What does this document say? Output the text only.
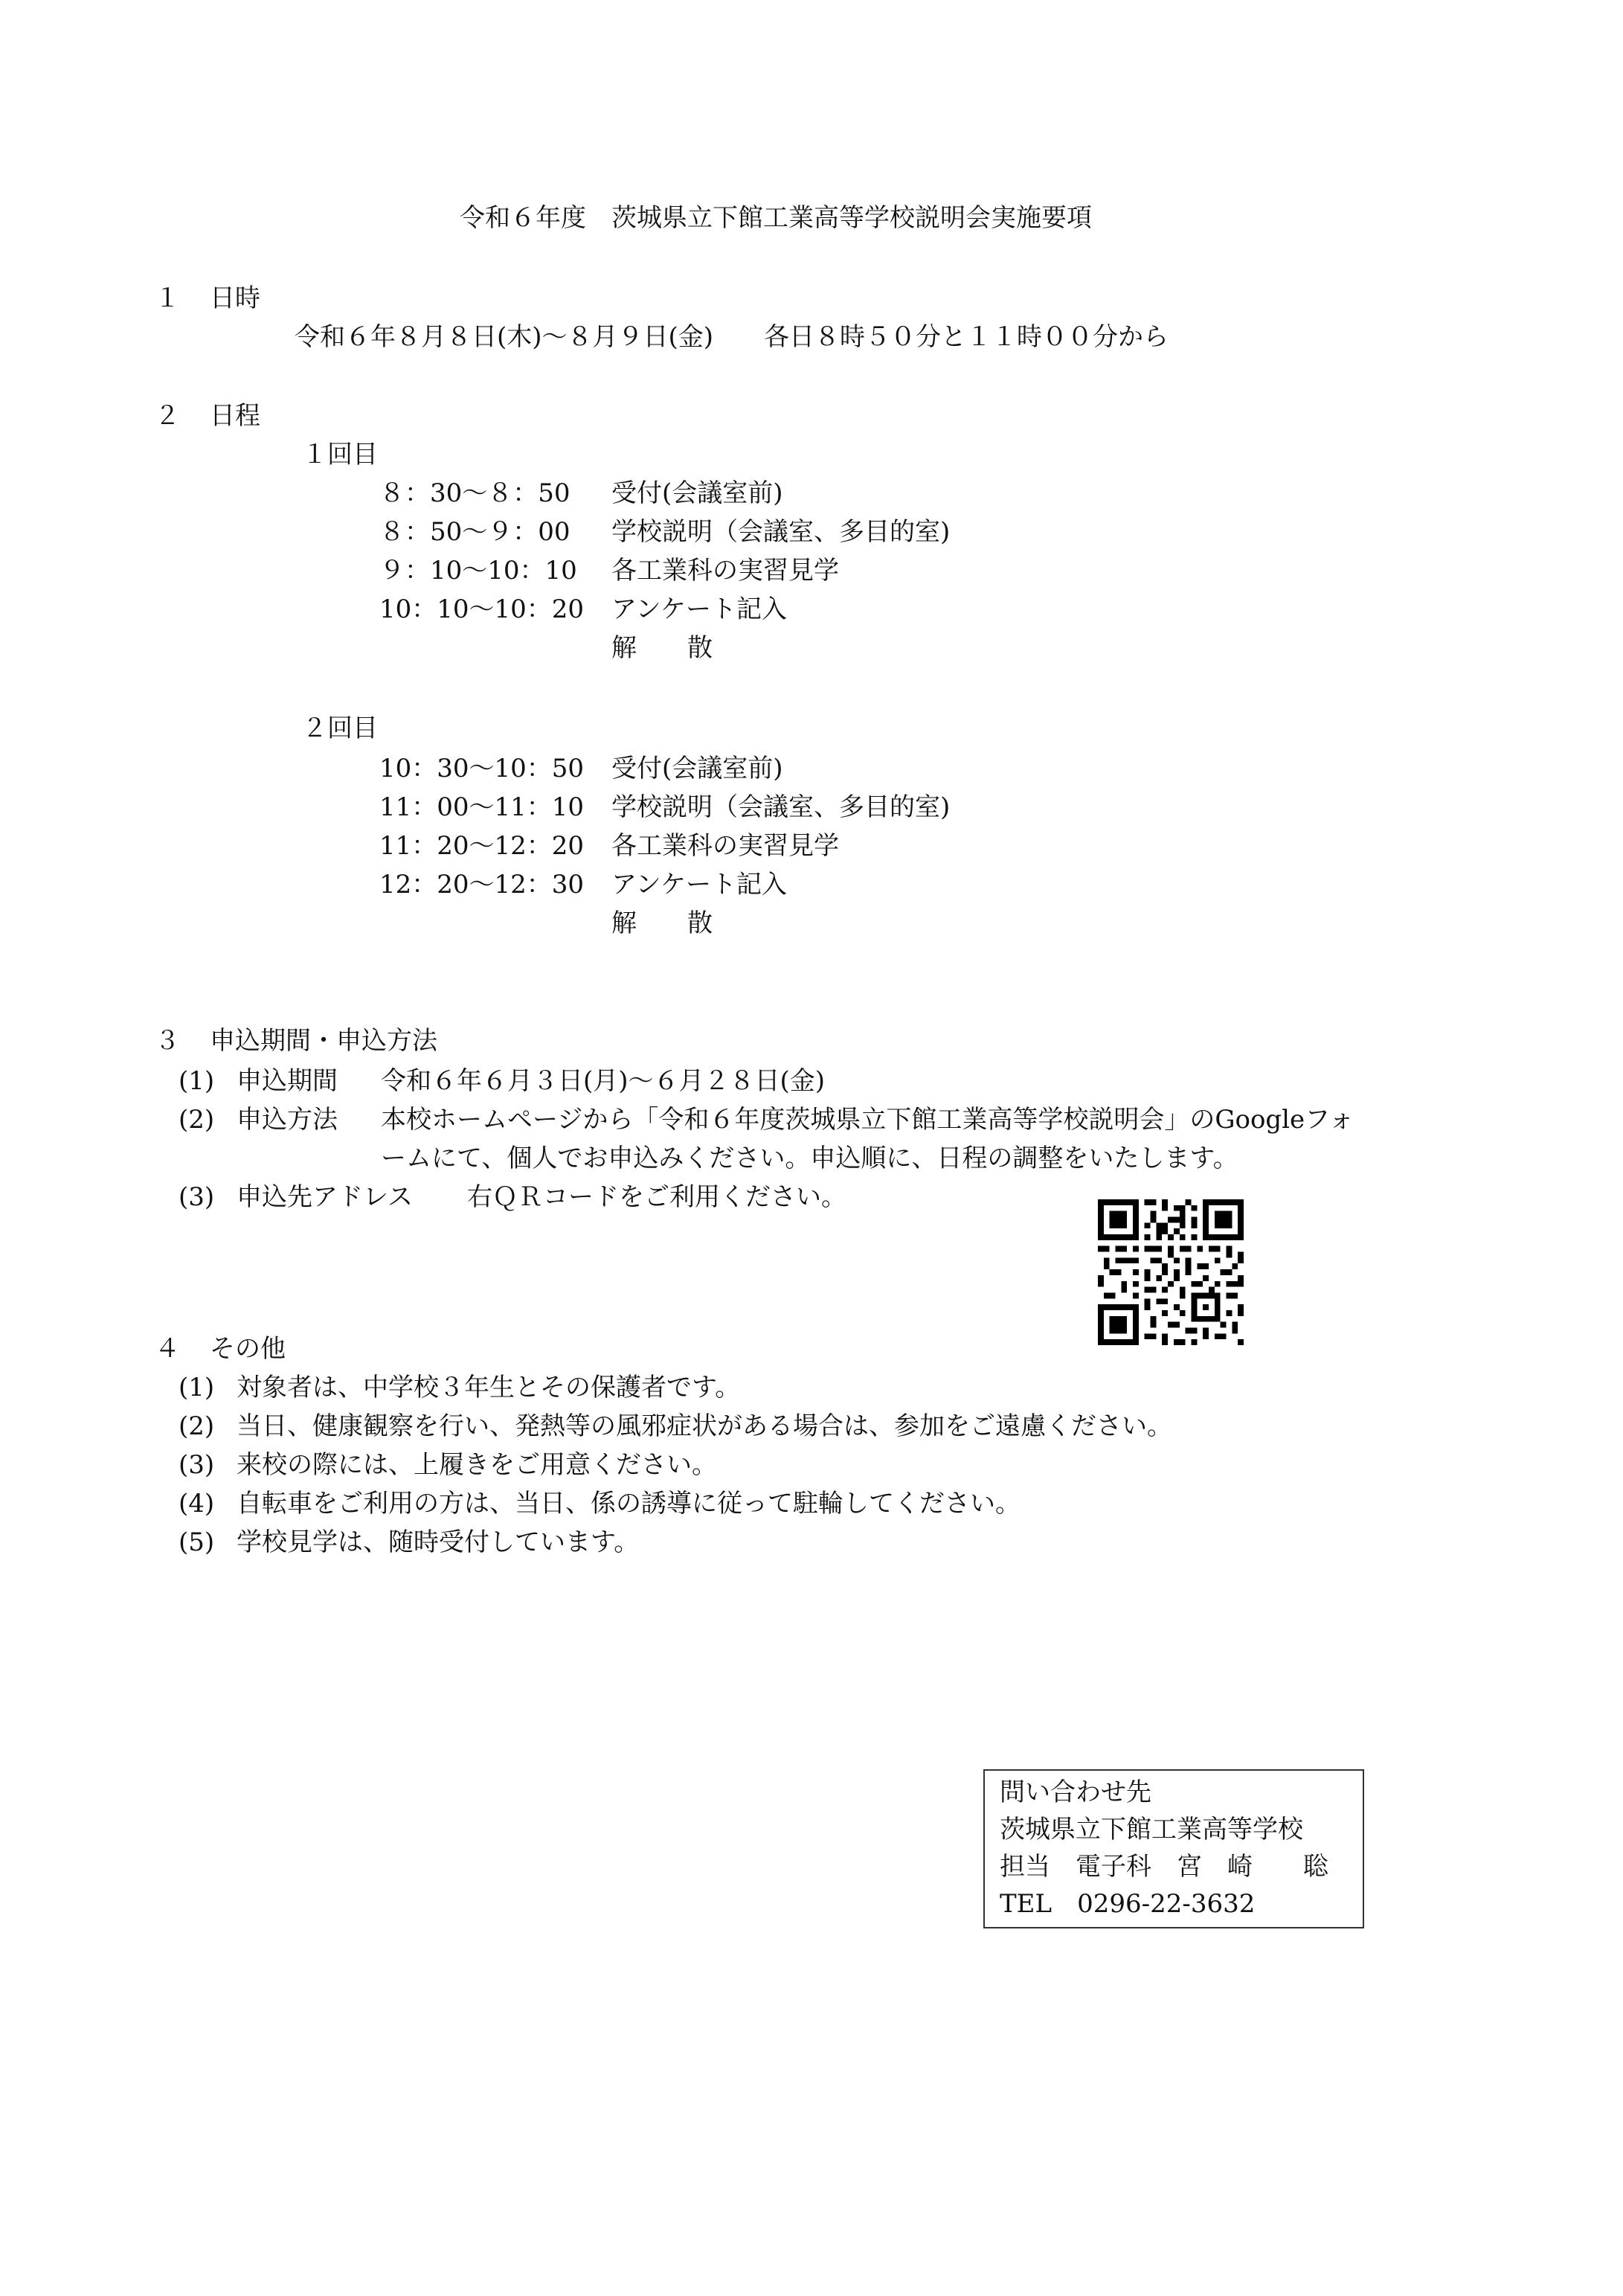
令和６年度　茨城県立下館工業高等学校説明会実施要項
１ 日時
令和６年８月８日(木)～８月９日(金)　　各日８時５０分と１１時００分から
２ 日程
１回目
８：30～８：50 受付(会議室前)
８：50～９：00 学校説明（会議室、多目的室)
９：10～10：10 各工業科の実習見学
10：10～10：20 アンケート記入
解　　散
２回目
10：30～10：50 受付(会議室前)
11：00～11：10 学校説明（会議室、多目的室)
11：20～12：20 各工業科の実習見学
12：20～12：30 アンケート記入
解　　散
３ 申込期間・申込方法
(1) 申込期間 令和６年６月３日(月)～６月２８日(金)
(2) 申込方法 本校ホームページから「令和６年度茨城県立下館工業高等学校説明会」のGoogleフォ
ームにて、個人でお申込みください。申込順に、日程の調整をいたします。
(3) 申込先アドレス 右ＱＲコードをご利用ください。
４ その他
(1) 対象者は、中学校３年生とその保護者です。
(2) 当日、健康観察を行い、発熱等の風邪症状がある場合は、参加をご遠慮ください。
(3) 来校の際には、上履きをご用意ください。
(4) 自転車をご利用の方は、当日、係の誘導に従って駐輪してください。
(5) 学校見学は、随時受付しています。
問い合わせ先
茨城県立下館工業高等学校
担当　電子科　宮　崎　　聡
TEL　0296-22-3632
